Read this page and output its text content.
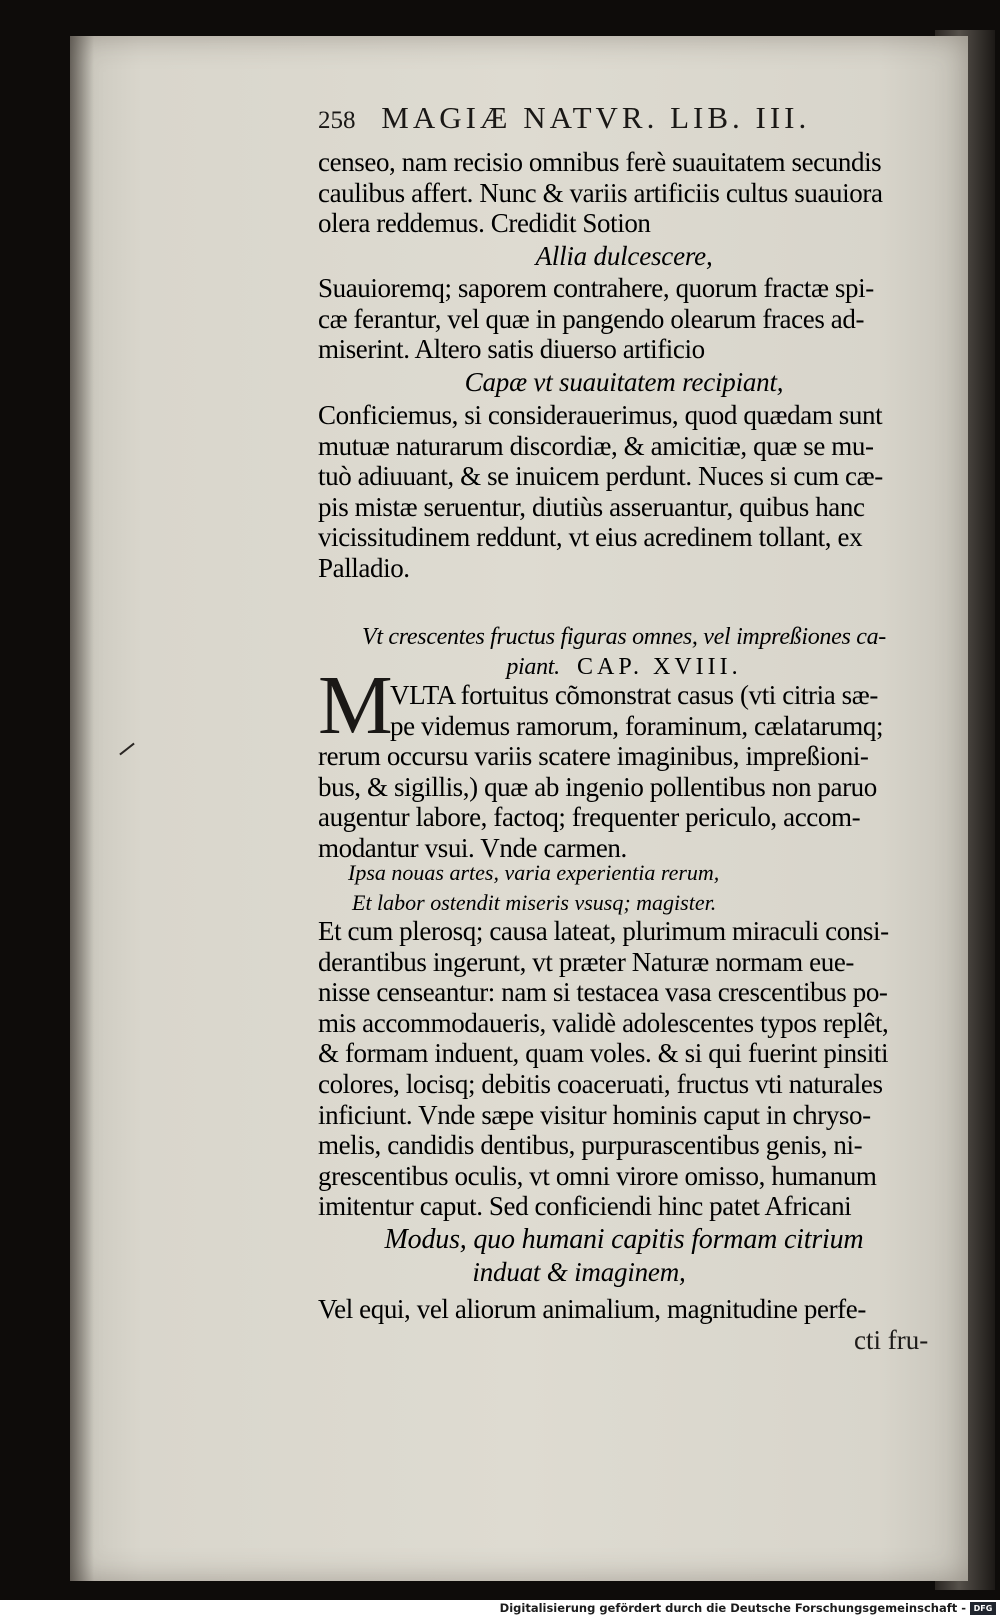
258 MAGIÆ NATVR. LIB. III.
censeo, nam recisio omnibus ferè suauitatem secundis
caulibus affert. Nunc & variis artificiis cultus suauiora
olera reddemus. Credidit Sotion
Allia dulcescere,
Suauioremq; saporem contrahere, quorum fractæ spi-
cæ ferantur, vel quæ in pangendo olearum fraces ad-
miserint. Altero satis diuerso artificio
Capæ vt suauitatem recipiant,
Conficiemus, si considerauerimus, quod quædam sunt
mutuæ naturarum discordiæ, & amicitiæ, quæ se mu-
tuò adiuuant, & se inuicem perdunt. Nuces si cum cæ-
pis mistæ seruentur, diutiùs asseruantur, quibus hanc
vicissitudinem reddunt, vt eius acredinem tollant, ex
Palladio.
Vt crescentes fructus figuras omnes, vel impreßiones ca-
piant. CAP. XVIII.
M
VLTA fortuitus cõmonstrat casus (vti citria sæ-
pe videmus ramorum, foraminum, cælatarumq;
rerum occursu variis scatere imaginibus, impreßioni-
bus, & sigillis,) quæ ab ingenio pollentibus non paruo
augentur labore, factoq; frequenter periculo, accom-
modantur vsui. Vnde carmen.
Ipsa nouas artes, varia experientia rerum,
Et labor ostendit miseris vsusq; magister.
Et cum plerosq; causa lateat, plurimum miraculi consi-
derantibus ingerunt, vt præter Naturæ normam eue-
nisse censeantur: nam si testacea vasa crescentibus po-
mis accommodaueris, validè adolescentes typos replêt,
& formam induent, quam voles. & si qui fuerint pinsiti
colores, locisq; debitis coaceruati, fructus vti naturales
inficiunt. Vnde sæpe visitur hominis caput in chryso-
melis, candidis dentibus, purpurascentibus genis, ni-
grescentibus oculis, vt omni virore omisso, humanum
imitentur caput. Sed conficiendi hinc patet Africani
Modus, quo humani capitis formam citrium
induat & imaginem,
Vel equi, vel aliorum animalium, magnitudine perfe-
cti fru-
Digitalisierung gefördert durch die Deutsche Forschungsgemeinschaft - DFG
